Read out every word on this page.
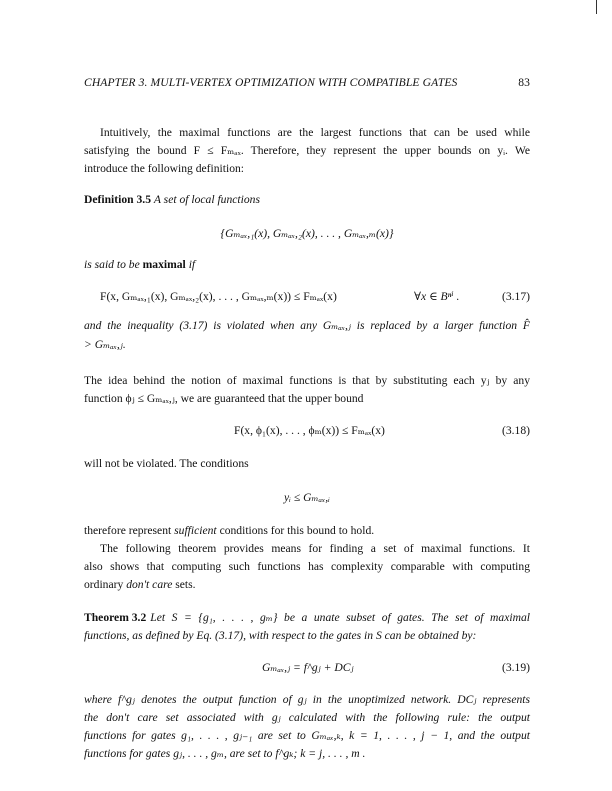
CHAPTER 3. MULTI-VERTEX OPTIMIZATION WITH COMPATIBLE GATES	83
Intuitively, the maximal functions are the largest functions that can be used while
satisfying the bound F ≤ Fₘₐₓ. Therefore, they represent the upper bounds on yᵢ. We
introduce the following definition:
Definition 3.5 A set of local functions
{Gₘₐₓ,₁(x), Gₘₐₓ,₂(x), . . . , Gₘₐₓ,ₘ(x)}
is said to be maximal if
F(x, Gₘₐₓ,₁(x), Gₘₐₓ,₂(x), . . . , Gₘₐₓ,ₘ(x)) ≤ Fₘₐₓ(x)	∀x ∈ Bⁿⁱ .	(3.17)
and the inequality (3.17) is violated when any Gₘₐₓ,ⱼ is replaced by a larger function F̂
> Gₘₐₓ,ⱼ.
The idea behind the notion of maximal functions is that by substituting each yⱼ by any
function ϕⱼ ≤ Gₘₐₓ,ⱼ, we are guaranteed that the upper bound
F(x, ϕ₁(x), . . . , ϕₘ(x)) ≤ Fₘₐₓ(x)	(3.18)
will not be violated. The conditions
yᵢ ≤ Gₘₐₓ,ᵢ
therefore represent sufficient conditions for this bound to hold.
The following theorem provides means for finding a set of maximal functions. It
also shows that computing such functions has complexity comparable with computing
ordinary don't care sets.
Theorem 3.2 Let S = {g₁, . . . , gₘ} be a unate subset of gates. The set of maximal
functions, as defined by Eq. (3.17), with respect to the gates in S can be obtained by:
Gₘₐₓ,ⱼ = f^gⱼ + DCⱼ	(3.19)
where f^gⱼ denotes the output function of gⱼ in the unoptimized network. DCⱼ represents
the don't care set associated with gⱼ calculated with the following rule: the output
functions for gates g₁, . . . , gⱼ₋₁ are set to Gₘₐₓ,ₖ, k = 1, . . . , j − 1, and the output
functions for gates gⱼ, . . . , gₘ, are set to f^gₖ; k = j, . . . , m .
